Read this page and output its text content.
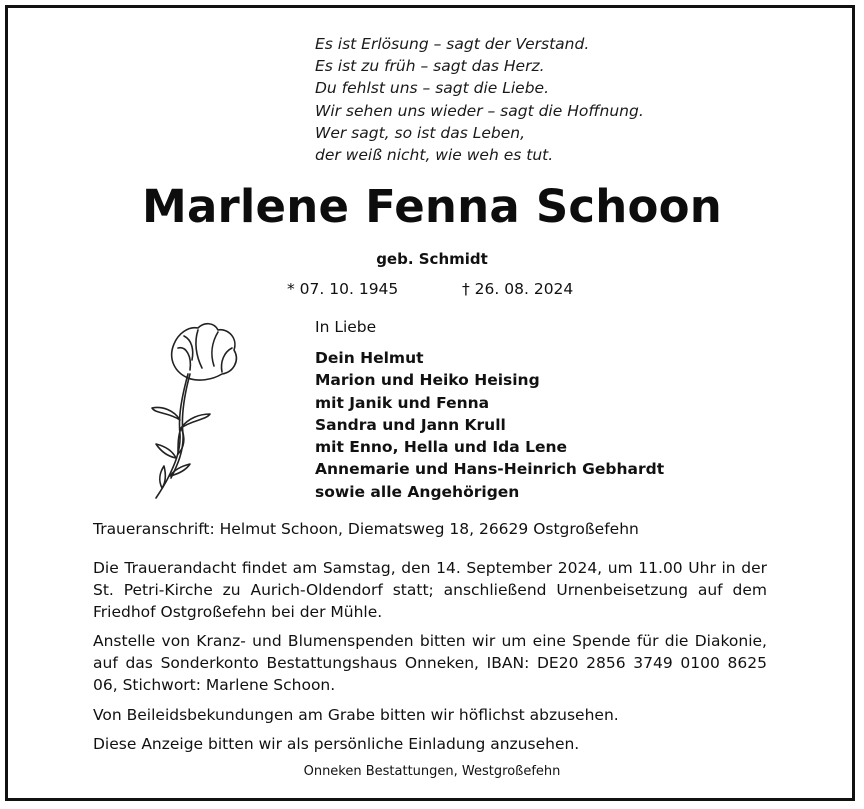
Es ist Erlösung – sagt der Verstand.
Es ist zu früh – sagt das Herz.
Du fehlst uns – sagt die Liebe.
Wir sehen uns wieder – sagt die Hoffnung.
Wer sagt, so ist das Leben,
der weiß nicht, wie weh es tut.
Marlene Fenna Schoon
geb. Schmidt
* 07. 10. 1945	† 26. 08. 2024
In Liebe
Dein Helmut
Marion und Heiko Heising
mit Janik und Fenna
Sandra und Jann Krull
mit Enno, Hella und Ida Lene
Annemarie und Hans-Heinrich Gebhardt
sowie alle Angehörigen
Traueranschrift: Helmut Schoon, Diematsweg 18, 26629 Ostgroßefehn
Die Trauerandacht findet am Samstag, den 14. September 2024, um 11.00 Uhr in der St. Petri-Kirche zu Aurich-Oldendorf statt; anschließend Urnenbeisetzung auf dem Friedhof Ostgroßefehn bei der Mühle.
Anstelle von Kranz- und Blumenspenden bitten wir um eine Spende für die Diakonie, auf das Sonderkonto Bestattungshaus Onneken, IBAN: DE20 2856 3749 0100 8625 06, Stichwort: Marlene Schoon.
Von Beileidsbekundungen am Grabe bitten wir höflichst abzusehen.
Diese Anzeige bitten wir als persönliche Einladung anzusehen.
Onneken Bestattungen, Westgroßefehn
